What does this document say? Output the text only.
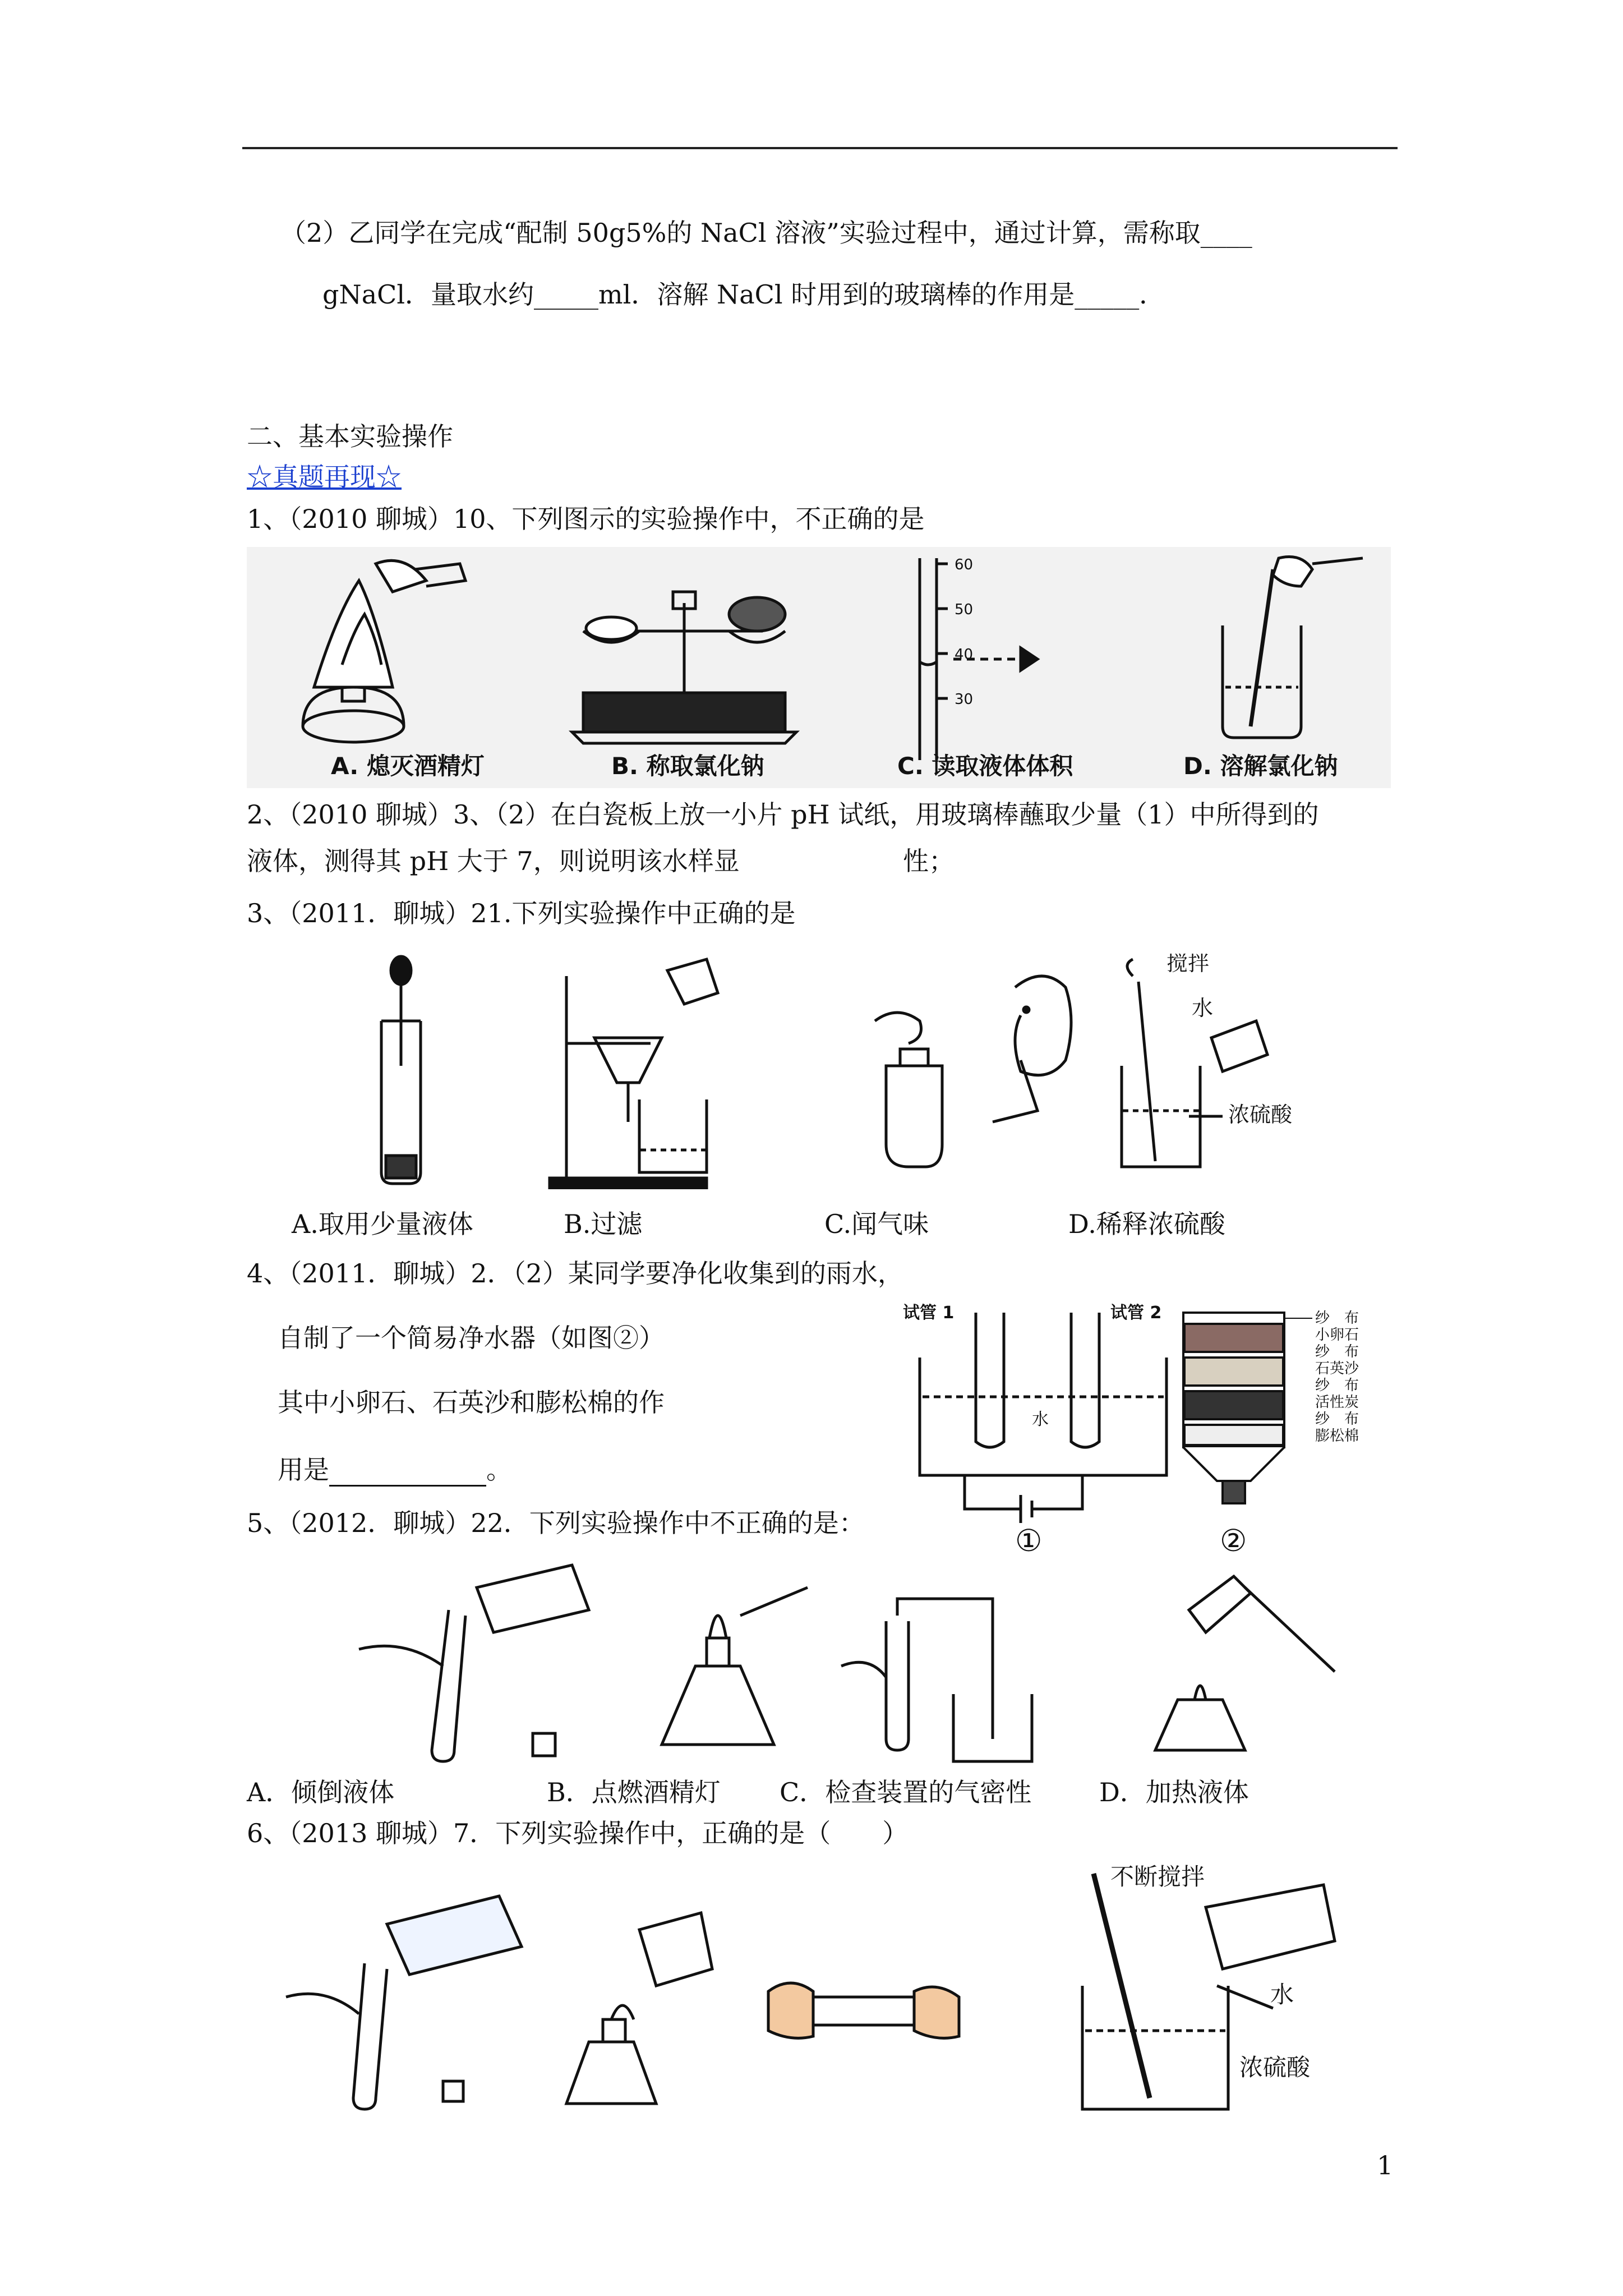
（2）乙同学在完成“配制 50g5%的 NaCl 溶液”实验过程中，通过计算，需称取____
gNaCl．量取水约_____ml．溶解 NaCl 时用到的玻璃棒的作用是_____．
二、基本实验操作
☆真题再现☆
1、（2010 聊城）10、下列图示的实验操作中，不正确的是
60
50
40
30
A. 熄灭酒精灯	B. 称取氯化钠	C. 读取液体体积	D. 溶解氯化钠
2、（2010 聊城）3、（2）在白瓷板上放一小片 pH 试纸，用玻璃棒蘸取少量（1）中所得到的
液体，测得其 pH 大于 7，则说明该水样显	性；
3、（2011．聊城）21.下列实验操作中正确的是
搅拌
水
浓硫酸
A.取用少量液体	B.过滤	C.闻气味	D.稀释浓硫酸
4、（2011．聊城）2．（2）某同学要净化收集到的雨水，
自制了一个简易净水器（如图②）
其中小卵石、石英沙和膨松棉的作
用是	。
试管 1	试管 2
水
①
纱　布
小卵石
纱　布
石英沙
纱　布
活性炭
纱　布
膨松棉
②
5、（2012．聊城）22．下列实验操作中不正确的是：
A．倾倒液体	B．点燃酒精灯 C．检查装置的气密性	D．加热液体
6、（2013 聊城）7．下列实验操作中，正确的是（　　）
不断搅拌
水
浓硫酸
1
